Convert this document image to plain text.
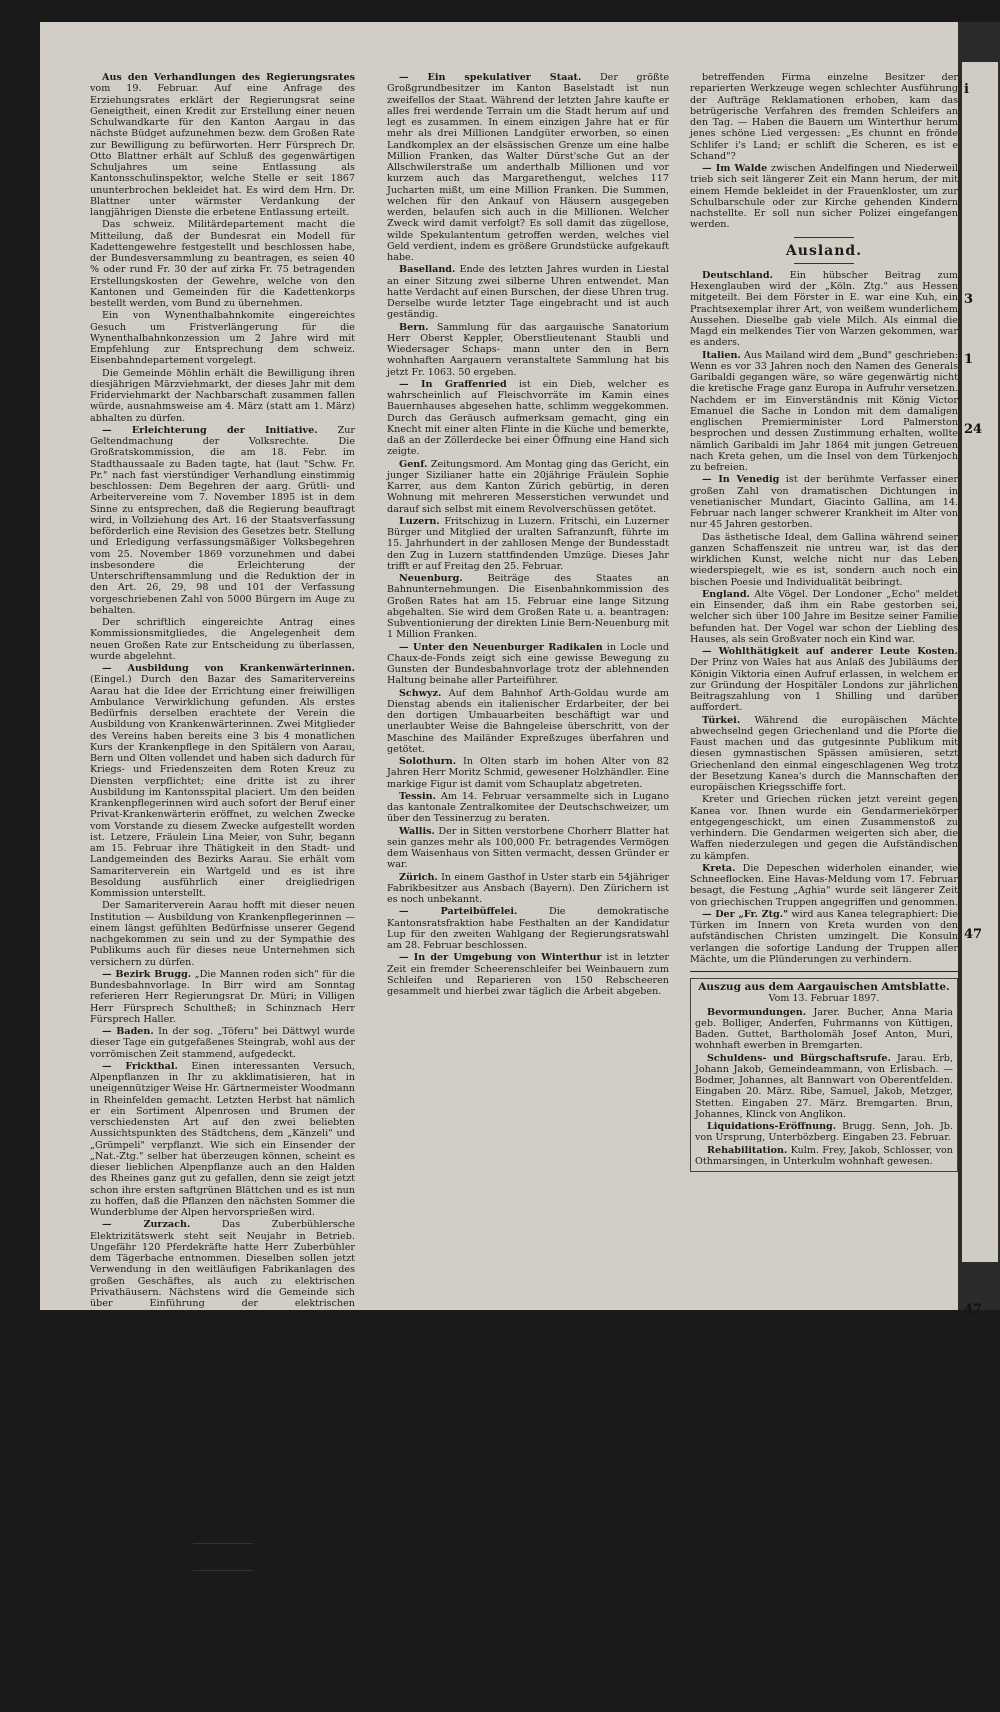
Aus den Verhandlungen des Regierungsrates vom 19. Februar. Auf eine Anfrage des Erziehungsrates erklärt der Regierungsrat seine Geneigtheit, einen Kredit zur Erstellung einer neuen Schulwandkarte für den Kanton Aargau in das nächste Büdget aufzunehmen bezw. dem Großen Rate zur Bewilligung zu befürworten. Herr Fürsprech Dr. Otto Blattner erhält auf Schluß des gegenwärtigen Schuljahres um seine Entlassung als Kantonsschulinspektor, welche Stelle er seit 1867 ununterbrochen bekleidet hat. Es wird dem Hrn. Dr. Blattner unter wärmster Verdankung der langjährigen Dienste die erbetene Entlassung erteilt.

Das schweiz. Militärdepartement macht die Mitteilung, daß der Bundesrat ein Modell für Kadettengewehre festgestellt und beschlossen habe, der Bundesversammlung zu beantragen, es seien 40 % oder rund Fr. 30 der auf zirka Fr. 75 betragenden Erstellungskosten der Gewehre, welche von den Kantonen und Gemeinden für die Kadettenkorps bestellt werden, vom Bund zu übernehmen.

Ein von Wynenthalbahnkomite eingereichtes Gesuch um Fristverlängerung für die Wynenthalbahnkonzession um 2 Jahre wird mit Empfehlung zur Entsprechung dem schweiz. Eisenbahndepartement vorgelegt.

Die Gemeinde Möhlin erhält die Bewilligung ihren diesjährigen Märzviehmarkt, der dieses Jahr mit dem Friderviehmarkt der Nachbarschaft zusammen fallen würde, ausnahmsweise am 4. März (statt am 1. März) abhalten zu dürfen.

— Erleichterung der Initiative. Zur Geltendmachung der Volksrechte. Die Großratskommission, die am 18. Febr. im Stadthaussaale zu Baden tagte, hat (laut "Schw. Fr. Pr." nach fast vierstündiger Verhandlung einstimmig beschlossen: Dem Begehren der aarg. Grütli- und Arbeitervereine vom 7. November 1895 ist in dem Sinne zu entsprechen, daß die Regierung beauftragt wird, in Vollziehung des Art. 16 der Staatsverfassung beförderlich eine Revision des Gesetzes betr. Stellung und Erledigung verfassungsmäßiger Volksbegehren vom 25. November 1869 vorzunehmen und dabei insbesondere die Erleichterung der Unterschriftensammlung und die Reduktion der in den Art. 26, 29, 98 und 101 der Verfassung vorgeschriebenen Zahl von 5000 Bürgern im Auge zu behalten.

Der schriftlich eingereichte Antrag eines Kommissionsmitgliedes, die Angelegenheit dem neuen Großen Rate zur Entscheidung zu überlassen, wurde abgelehnt.

— Ausbildung von Krankenwärterinnen. (Eingel.) Durch den Bazar des Samaritervereins Aarau hat die Idee der Errichtung einer freiwilligen Ambulance Verwirklichung gefunden. Als erstes Bedürfnis derselben erachtete der Verein die Ausbildung von Krankenwärterinnen. Zwei Mitglieder des Vereins haben bereits eine 3 bis 4 monatlichen Kurs der Krankenpflege in den Spitälern von Aarau, Bern und Olten vollendet und haben sich dadurch für Kriegs- und Friedenszeiten dem Roten Kreuz zu Diensten verpflichtet; eine dritte ist zu ihrer Ausbildung im Kantonsspital placiert. Um den beiden Krankenpflegerinnen wird auch sofort der Beruf einer Privat-Krankenwärterin eröffnet, zu welchen Zwecke vom Vorstande zu diesem Zwecke aufgestellt worden ist. Letzere, Fräulein Lina Meier, von Suhr, begann am 15. Februar ihre Thätigkeit in den Stadt- und Landgemeinden des Bezirks Aarau. Sie erhält vom Samariterverein ein Wartgeld und es ist ihre Besoldung ausführlich einer dreigliedrigen Kommission unterstellt.

Der Samariterverein Aarau hofft mit dieser neuen Institution — Ausbildung von Krankenpflegerinnen — einem längst gefühlten Bedürfnisse unserer Gegend nachgekommen zu sein und zu der Sympathie des Publikums auch für dieses neue Unternehmen sich versichern zu dürfen.

— Bezirk Brugg. „Die Mannen roden sich" für die Bundesbahnvorlage. In Birr wird am Sonntag referieren Herr Regierungsrat Dr. Müri; in Villigen Herr Fürsprech Schultheß; in Schinznach Herr Fürsprech Haller.

— Baden. In der sog. „Töferu" bei Dättwyl wurde dieser Tage ein gutgefaßenes Steingrab, wohl aus der vorrömischen Zeit stammend, aufgedeckt.

— Frickthal. Einen interessanten Versuch, Alpenpflanzen in Ihr zu akklimatisieren, hat in uneigennütziger Weise Hr. Gärtnermeister Woodmann in Rheinfelden gemacht. Letzten Herbst hat nämlich er ein Sortiment Alpenrosen und Brumen der verschiedensten Art auf den zwei beliebten Aussichtspunkten des Städtchens, dem „Känzeli" und „Grümpeli" verpflanzt. Wie sich ein Einsender der „Nat.-Ztg." selber hat überzeugen können, scheint es dieser lieblichen Alpenpflanze auch an den Halden des Rheines ganz gut zu gefallen, denn sie zeigt jetzt schon ihre ersten saftgrünen Blättchen und es ist nun zu hoffen, daß die Pflanzen den nächsten Sommer die Wunderblume der Alpen hervorsprießen wird.

— Zurzach.	Das Zuberbühlersche Elektrizitätswerk steht seit Neujahr in Betrieb. Ungefähr 120 Pferdekräfte hatte Herr Zuberbühler dem Tägerbache entnommen. Dieselben sollen jetzt Verwendung in den weitläufigen Fabrikanlagen des großen Geschäftes, als auch zu elektrischen Privathäusern. Nächstens wird die Gemeinde sich über Einführung der elektrischen Straßenbeleuchtung schlüssig zu machen haben.

— Freiamt. In Wohlen starb Donnerstag früh an einem Herzschlag Hr. Jean Isler-Cabezas, Fabrikant, in seinem 70. Altersjahr. Er nimmt den Ruf eines wackern Mannes und guten Bürgers mit sich in das Grab.

— Staffelbach. (Eingel.) Die letzten Sonntag im „Bären" in hier stattgefundene Volksversammlung war trotz der ungünstigen Witterung von zirka 100 Mann besucht. Hr. Großrat Sigenberger in Moosleerau eröffnete dieselbe mit einer kurzen Ansprache, worauf Hr. Fürsprech Ströbli in Zofingen in klarer, gediegener Weise über die Bedeutung der Vorlage der Bundesbahnen sprach. Nach gewaltet Diskussion, die von verschiedener Seite benutzt wurde, erklärte sich die Versammlung durch Aufstehen einstimmig für Annahme des Gesetzes.

Es steht zu erwarten, daß die freisinnige Bevölkerung des Suhrenthales am 28. ds. mit großer Mehrheit für Annahme des Gesetzes votieren werde.

Kantone.

Basel. Aus Bottmingen wird der „Nat. Ztg." geschrieben: „Am vergangenen Montag, abends kurz nach 6 Uhr, hat im Birsigbache, oberhalb der Bottminger-Mühle, eine 20 Jahre alte Aargauerin den Tod gefunden. Die Verunglückte, welche erst seit Neujahr bei einer Herrschaft im Kanton Freiburg gekommen, hatte sie ihren Eltern noch die Mitteilung gemacht, daß sie auf der Heimreise nach Basel wohnenden Vater besuchen werde, der jetzt in Bottmingen angestellt ist. Über die näheren Umständen ihres Todes sind bis jetzt noch keine Mitteilungen gemacht.

— Ein spekulativer Staat. Der größte Großgrundbesitzer im Kanton Baselstadt ist nun zweifellos der Staat. Während der letzten Jahre kaufte er alles frei werdende Terrain um die Stadt herum auf und legt es zusammen. In einem einzigen Jahre hat er für mehr als drei Millionen Landgüter erworben, so einen Landkomplex an der elsässischen Grenze um eine halbe Million Franken, das Walter Dürst'sche Gut an der Allschwilerstraße um anderthalb Millionen und vor kurzem auch das Margarethengut, welches 117 Jucharten mißt, um eine Million Franken. Die Summen, welchen für den Ankauf von Häusern ausgegeben werden, belaufen sich auch in die Millionen. Welcher Zweck wird damit verfolgt? Es soll damit das zügellose, wilde Spekulantentum getroffen werden, welches viel Geld verdient, indem es größere Grundstücke aufgekauft habe.

Baselland. Ende des letzten Jahres wurden in Liestal an einer Sitzung zwei silberne Uhren entwendet. Man hatte Verdacht auf einen Burschen, der diese Uhren trug. Derselbe wurde letzter Tage eingebracht und ist auch geständig.

Bern. Sammlung für das aargauische Sanatorium Herr Oberst Keppler, Oberstlieutenant Staubli und Wiedersager Schaps- mann unter den in Bern wohnhaften Aargauern veranstaltete Sammlung hat bis jetzt Fr. 1063. 50 ergeben.

— In Graffenried ist ein Dieb, welcher es wahrscheinlich auf Fleischvorräte im Kamin eines Bauernhauses abgesehen hatte, schlimm weggekommen. Durch das Geräusch aufmerksam gemacht, ging ein Knecht mit einer alten Flinte in die Küche und bemerkte, daß an der Zöllerdecke bei einer Öffnung eine Hand sich zeigte.

Genf. Zeitungsmord. Am Montag ging das Gericht, ein junger Sizilianer hatte ein 20jährige Fräulein Sophie Karrer, aus dem Kanton Zürich gebürtig, in deren Wohnung mit mehreren Messerstichen verwundet und darauf sich selbst mit einem Revolverschüssen getötet.

Luzern. Fritschizug in Luzern. Fritschi, ein Luzerner Bürger und Mitglied der uralten Safranzunft, führte im 15. Jahrhundert in der zahllosen Menge der Bundesstadt den Zug in Luzern stattfindenden Umzüge. Dieses Jahr trifft er auf Freitag den 25. Februar.

Neuenburg.	Beiträge des Staates an Bahnunternehmungen. Die Eisenbahnkommission des Großen Rates hat am 15. Februar eine lange Sitzung abgehalten. Sie wird dem Großen Rate u. a. beantragen: Subventionierung der direkten Linie Bern-Neuenburg mit 1 Million Franken.

— Unter den Neuenburger Radikalen in Locle und Chaux-de-Fonds zeigt sich eine gewisse Bewegung zu Gunsten der Bundesbahnvorlage trotz der ablehnenden Haltung beinahe aller Parteiführer.

Schwyz. Auf dem Bahnhof Arth-Goldau wurde am Dienstag abends ein italienischer Erdarbeiter, der bei den dortigen Umbauarbeiten beschäftigt war und unerlaubter Weise die Bahngeleise überschritt, von der Maschine des Mailänder Expreßzuges überfahren und getötet.

Solothurn. In Olten starb im hohen Alter von 82 Jahren Herr Moritz Schmid, gewesener Holzhändler. Eine markige Figur ist damit vom Schauplatz abgetreten.

Tessin. Am 14. Februar versammelte sich in Lugano das kantonale Zentralkomitee der Deutschschweizer, um über den Tessinerzug zu beraten.

Wallis. Der in Sitten verstorbene Chorherr Blatter hat sein ganzes mehr als 100,000 Fr. betragendes Vermögen dem Waisenhaus von Sitten vermacht, dessen Gründer er war.

Zürich. In einem Gasthof in Uster starb ein 54jähriger Fabrikbesitzer aus Ansbach (Bayern). Den Zürichern ist es noch unbekannt.

— Parteibüffelei.	Die demokratische Kantonsratsfraktion habe Festhalten an der Kandidatur Lup für den zweiten Wahlgang der Regierungsratswahl am 28. Februar beschlossen.

— In der Umgebung von Winterthur ist in letzter Zeit ein fremder Scheerenschleifer bei Weinbauern zum Schleifen und Reparieren von 150 Rebscheeren gesammelt und hierbei zwar täglich die Arbeit abgeben.

betreffenden Firma einzelne Besitzer der reparierten Werkzeuge wegen schlechter Ausführung der Aufträge Reklamationen erhoben, kam das betrügerische Verfahren des fremden Schleifers an den Tag. — Haben die Bauern um Winterthur herum jenes schöne Lied vergessen: „Es chunnt en frönde Schlifer i's Land; er schlift die Scheren, es ist e Schand"?

— Im Walde zwischen Andelfingen und Niederweil trieb sich seit längerer Zeit ein Mann herum, der mit einem Hemde bekleidet in der Frauenkloster, um zur Schulbarschule oder zur Kirche gehenden Kindern nachstellte. Er soll nun sicher Polizei eingefangen werden.

Ausland.

Deutschland. Ein hübscher Beitrag zum Hexenglauben wird der „Köln. Ztg." aus Hessen mitgeteilt. Bei dem Förster in E. war eine Kuh, ein Prachtsexemplar ihrer Art, von weißem wunderlichem Aussehen. Dieselbe gab viele Milch. Als einmal die Magd ein melkendes Tier von Warzen gekommen, war es anders.

Italien. Aus Mailand wird dem „Bund" geschrieben: Wenn es vor 33 Jahren noch den Namen des Generals Garibaldi gegangen wäre, so wäre gegenwärtig nicht die kretische Frage ganz Europa in Aufruhr versetzen. Nachdem er im Einverständnis mit König Victor Emanuel die Sache in London mit dem damaligen englischen Premierminister Lord Palmerston besprochen und dessen Zustimmung erhalten, wollte nämlich Garibaldi im Jahr 1864 mit jungen Getreuen nach Kreta gehen, um die Insel von dem Türkenjoch zu befreien.

— In Venedig ist der berühmte Verfasser einer großen Zahl von dramatischen Dichtungen in venetianischer Mundart, Giacinto Gallina, am 14. Februar nach langer schwerer Krankheit im Alter von nur 45 Jahren gestorben.

Das ästhetische Ideal, dem Gallina während seiner ganzen Schaffenszeit nie untreu war, ist das der wirklichen Kunst, welche nicht nur das Leben wiederspiegelt, wie es ist, sondern auch noch ein bischen Poesie und Individualität beibringt.

England. Alte Vögel. Der Londoner „Echo" meldet ein Einsender, daß ihm ein Rabe gestorben sei, welcher sich über 100 Jahre im Besitze seiner Familie befunden hat. Der Vogel war schon der Liebling des Hauses, als sein Großvater noch ein Kind war.

— Wohlthätigkeit auf anderer Leute Kosten. Der Prinz von Wales hat aus Anlaß des Jubiläums der Königin Viktoria einen Aufruf erlassen, in welchem er zur Gründung der Hospitäler Londons zur jährlichen Beitragszahlung von 1 Shilling und darüber auffordert.

Türkei. Während die europäischen Mächte abwechselnd gegen Griechenland und die Pforte die Faust machen und das gutgesinnte Publikum mit diesen gymnastischen Spässen amüsieren, setzt Griechenland den einmal eingeschlagenen Weg trotz der Besetzung Kanea's durch die Mannschaften der europäischen Kriegsschiffe fort.

Kreter und Griechen rücken jetzt vereint gegen Kanea vor. Ihnen wurde ein Gendarmeriekörper entgegengeschickt, um einen Zusammenstoß zu verhindern. Die Gendarmen weigerten sich aber, die Waffen niederzulegen und gegen die Aufständischen zu kämpfen.

Kreta. Die Depeschen widerholen einander, wie Schneeflocken. Eine Havas-Meldung vom 17. Februar besagt, die Festung „Aghia" wurde seit längerer Zeit von griechischen Truppen angegriffen und genommen.

— Der „Fr. Ztg." wird aus Kanea telegraphiert: Die Türken im Innern von Kreta wurden von den aufständischen Christen umzingelt. Die Konsuln verlangen die sofortige Landung der Truppen aller Mächte, um die Plünderungen zu verhindern.

Auszug aus dem Aargauischen Amtsblatte.
Vom 13. Februar 1897.

Bevormundungen. Jarer. Bucher, Anna Maria geb. Bolliger, Anderfen, Fuhrmanns von Küttigen, Baden. Guttet, Bartholomäh Josef Anton, Muri, wohnhaft ewerben in Bremgarten.

Schuldens- und Bürgschaftsrufe. Jarau. Erb, Johann Jakob, Gemeindeammann, von Erlisbach. — Bodmer, Johannes, alt Bannwart von Oberentfelden. Eingaben 20. März. Ribe, Samuel, Jakob, Metzger, Stetten. Eingaben 27. März. Bremgarten. Brun, Johannes, Klinck von Anglikon.

Liquidations-Eröffnung. Brugg. Senn, Joh. Jb. von Ursprung, Unterbözberg. Eingaben 23. Februar.

Rehabilitation. Kulm. Frey, Jakob, Schlosser, von Othmarsingen, in Unterkulm wohnhaft gewesen.

i
3
1
24
47
47
